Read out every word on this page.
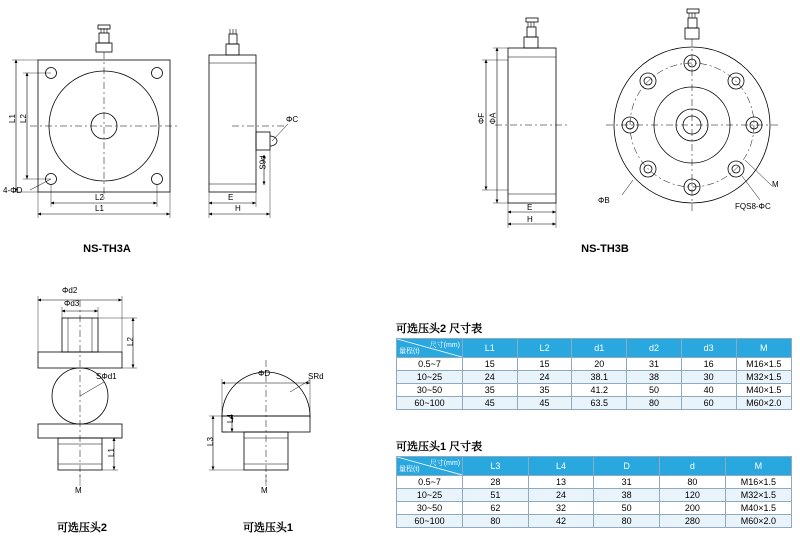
L1 L2
L2
L1
4-ΦD
E
H
ΦC
S9d
ΦA
ΦF
E
H
ΦB
M
FQS8-ΦC
Φd2
Φd3
L2
L1
SΦd1
M
ΦD	SRd
L4
L3
M
NS-TH3A	NS-TH3B
可选压头2	可选压头1
可选压头2 尺寸表
量程(t)
尺寸(mm)	L1	L2	d1	d2	d3	M
0.5~7	15	15	20	31	16	M16×1.5
10~25	24	24	38.1	38	30	M32×1.5
30~50	35	35	41.2	50	40	M40×1.5
60~100	45	45	63.5	80	60	M60×2.0
可选压头1 尺寸表
量程(t)
尺寸(mm)	L3	L4	D	d	M
0.5~7	28	13	31	80	M16×1.5
10~25	51	24	38	120	M32×1.5
30~50	62	32	50	200	M40×1.5
60~100	80	42	80	280	M60×2.0
